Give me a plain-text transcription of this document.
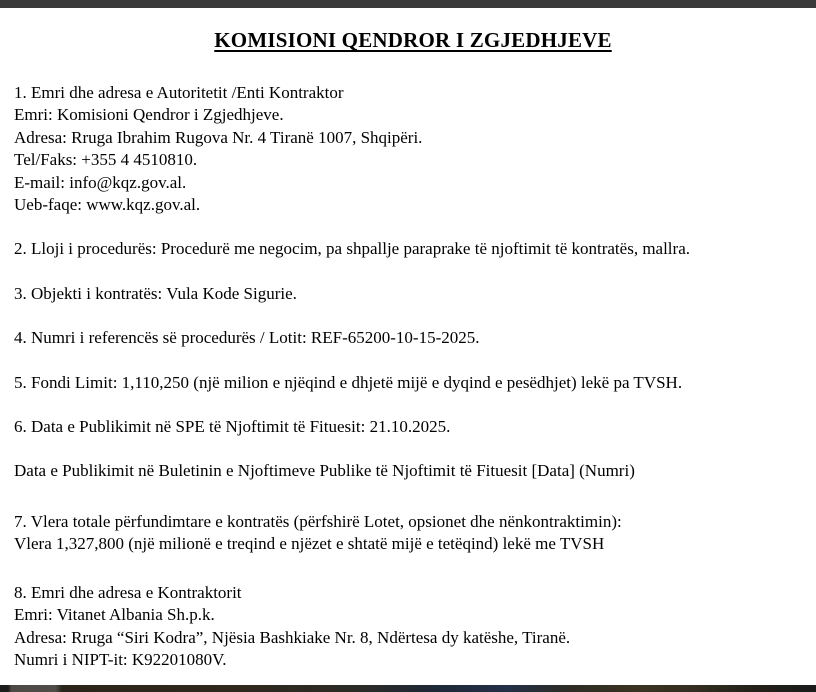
KOMISIONI QENDROR I ZGJEDHJEVE

1. Emri dhe adresa e Autoritetit /Enti Kontraktor
Emri: Komisioni Qendror i Zgjedhjeve.
Adresa: Rruga Ibrahim Rugova Nr. 4 Tiranë 1007, Shqipëri.
Tel/Faks: +355 4 4510810.
E-mail: info@kqz.gov.al.
Ueb-faqe: www.kqz.gov.al.

2. Lloji i procedurës: Procedurë me negocim, pa shpallje paraprake të njoftimit të kontratës, mallra.

3. Objekti i kontratës: Vula Kode Sigurie.

4. Numri i referencës së procedurës / Lotit: REF-65200-10-15-2025.

5. Fondi Limit: 1,110,250 (një milion e njëqind e dhjetë mijë e dyqind e pesëdhjet) lekë pa TVSH.

6. Data e Publikimit në SPE të Njoftimit të Fituesit: 21.10.2025.

Data e Publikimit në Buletinin e Njoftimeve Publike të Njoftimit të Fituesit [Data] (Numri)

7. Vlera totale përfundimtare e kontratës (përfshirë Lotet, opsionet dhe nënkontraktimin):
Vlera 1,327,800 (një milionë e treqind e njëzet e shtatë mijë e tetëqind) lekë me TVSH

8. Emri dhe adresa e Kontraktorit
Emri: Vitanet Albania Sh.p.k.
Adresa: Rruga “Siri Kodra”, Njësia Bashkiake Nr. 8, Ndërtesa dy katëshe, Tiranë.
Numri i NIPT-it: K92201080V.
